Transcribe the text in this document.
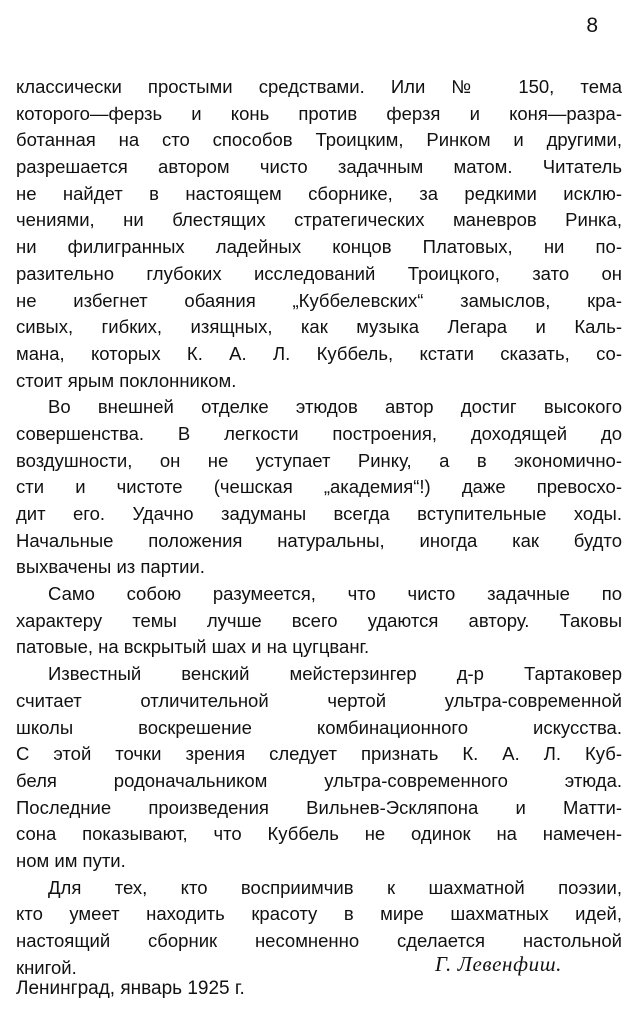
8
классически простыми средствами. Или № 150, тема
которого—ферзь и конь против ферзя и коня—разра-
ботанная на сто способов Троицким, Ринком и другими,
разрешается автором чисто задачным матом. Читатель
не найдет в настоящем сборнике, за редкими исклю-
чениями, ни блестящих стратегических маневров Ринка,
ни филигранных ладейных концов Платовых, ни по-
разительно глубоких исследований Троицкого, зато он
не избегнет обаяния „Куббелевских“ замыслов, кра-
сивых, гибких, изящных, как музыка Легара и Каль-
мана, которых К. А. Л. Куббель, кстати сказать, со-
стоит ярым поклонником.
Во внешней отделке этюдов автор достиг высокого
совершенства. В легкости построения, доходящей до
воздушности, он не уступает Ринку, а в экономично-
сти и чистоте (чешская „академия“!) даже превосхо-
дит его. Удачно задуманы всегда вступительные ходы.
Начальные положения натуральны, иногда как будто
выхвачены из партии.
Само собою разумеется, что чисто задачные по
характеру темы лучше всего удаются автору. Таковы
патовые, на вскрытый шах и на цугцванг.
Известный венский мейстерзингер д-р Тартаковер
считает отличительной чертой ультра-современной
школы воскрешение комбинационного искусства.
С этой точки зрения следует признать К. А. Л. Куб-
беля родоначальником ультра-современного этюда.
Последние произведения Вильнев-Эскляпона и Матти-
сона показывают, что Куббель не одинок на намечен-
ном им пути.
Для тех, кто восприимчив к шахматной поэзии,
кто умеет находить красоту в мире шахматных идей,
настоящий сборник несомненно сделается настольной
книгой.	Г. Левенфиш.
Ленинград, январь 1925 г.
